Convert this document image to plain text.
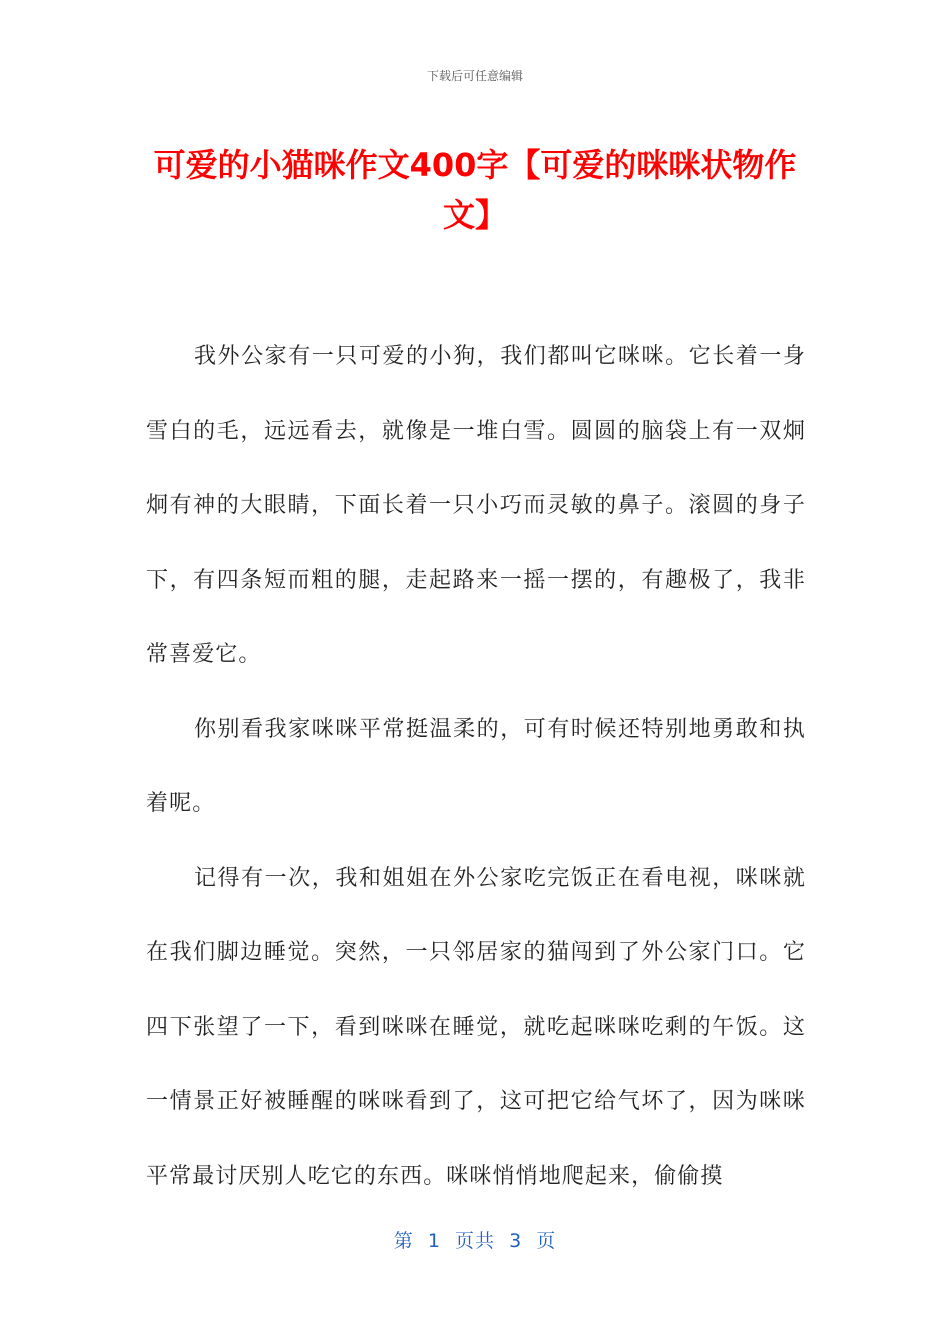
下载后可任意编辑
可爱的小猫咪作文400字【可爱的咪咪状物作文】

我外公家有一只可爱的小狗，我们都叫它咪咪。它长着一身雪白的毛，远远看去，就像是一堆白雪。圆圆的脑袋上有一双炯炯有神的大眼睛，下面长着一只小巧而灵敏的鼻子。滚圆的身子下，有四条短而粗的腿，走起路来一摇一摆的，有趣极了，我非常喜爱它。

你别看我家咪咪平常挺温柔的，可有时候还特别地勇敢和执着呢。

记得有一次，我和姐姐在外公家吃完饭正在看电视，咪咪就在我们脚边睡觉。突然，一只邻居家的猫闯到了外公家门口。它四下张望了一下，看到咪咪在睡觉，就吃起咪咪吃剩的午饭。这一情景正好被睡醒的咪咪看到了，这可把它给气坏了，因为咪咪平常最讨厌别人吃它的东西。咪咪悄悄地爬起来，偷偷摸

第  1  页共  3  页
